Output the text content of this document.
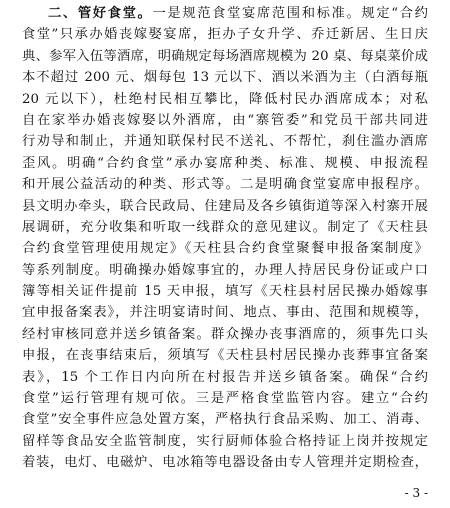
二、管好食堂。一是规范食堂宴席范围和标准。规定“合约
食堂”只承办婚丧嫁娶宴席，拒办子女升学、乔迁新居、生日庆
典、参军入伍等酒席，明确规定每场酒席规模为 20 桌、每桌菜价成
本不超过 200 元、烟每包 13 元以下、酒以米酒为主（白酒每瓶
20 元以下），杜绝村民相互攀比，降低村民办酒席成本；对私
自在家举办婚丧嫁娶以外酒席，由“寨管委”和党员干部共同进
行劝导和制止，并通知联保村民不送礼、不帮忙，刹住滥办酒席
歪风。明确“合约食堂”承办宴席种类、标准、规模、申报流程
和开展公益活动的种类、形式等。二是明确食堂宴席申报程序。
县文明办牵头，联合民政局、住建局及各乡镇街道等深入村寨开展
展调研，充分收集和听取一线群众的意见建议。制定了《天柱县
合约食堂管理使用规定》《天柱县合约食堂聚餐申报备案制度》
等系列制度。明确操办婚嫁事宜的，办理人持居民身份证或户口
簿等相关证件提前 15 天申报，填写《天柱县村居民操办婚嫁事
宜申报备案表》，并注明宴请时间、地点、事由、范围和规模等，
经村审核同意并送乡镇备案。群众操办丧事酒席的，须事先口头
申报，在丧事结束后，须填写《天柱县村居民操办丧葬事宜备案
表》，15 个工作日内向所在村报告并送乡镇备案。确保“合约
食堂”运行管理有规可依。三是严格食堂监管内容。建立“合约
食堂”安全事件应急处置方案，严格执行食品采购、加工、消毒、
留样等食品安全监管制度，实行厨师体验合格持证上岗并按规定
着装，电灯、电磁炉、电冰箱等电器设备由专人管理并定期检查，
- 3 -
